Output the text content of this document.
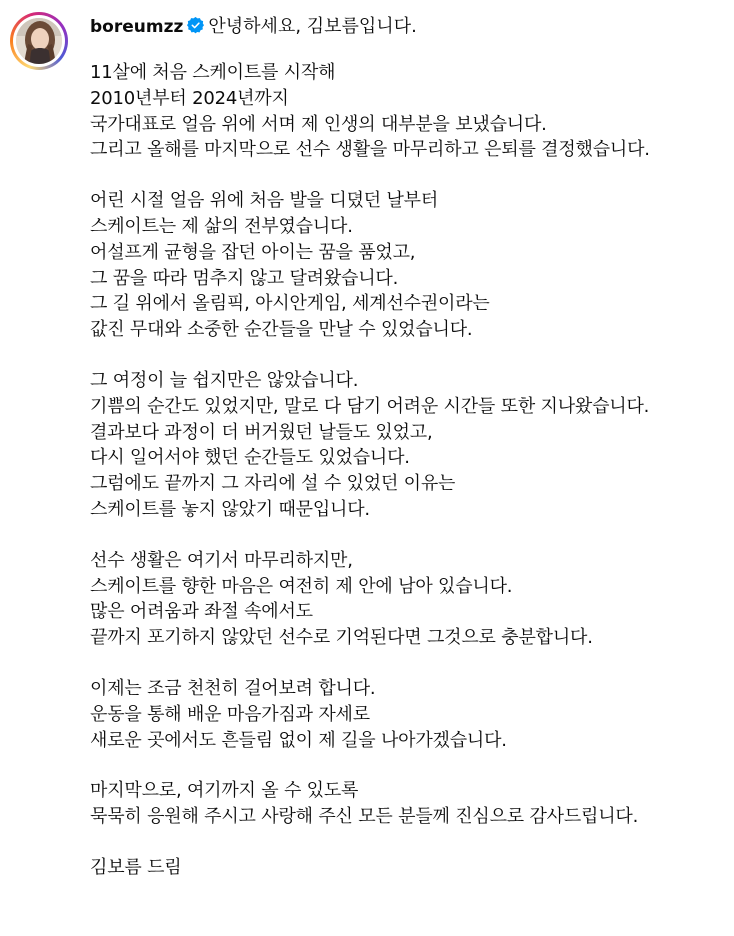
boreumzz 안녕하세요, 김보름입니다.
11살에 처음 스케이트를 시작해
2010년부터 2024년까지
국가대표로 얼음 위에 서며 제 인생의 대부분을 보냈습니다.
그리고 올해를 마지막으로 선수 생활을 마무리하고 은퇴를 결정했습니다.
어린 시절 얼음 위에 처음 발을 디뎠던 날부터
스케이트는 제 삶의 전부였습니다.
어설프게 균형을 잡던 아이는 꿈을 품었고,
그 꿈을 따라 멈추지 않고 달려왔습니다.
그 길 위에서 올림픽, 아시안게임, 세계선수권이라는
값진 무대와 소중한 순간들을 만날 수 있었습니다.
그 여정이 늘 쉽지만은 않았습니다.
기쁨의 순간도 있었지만, 말로 다 담기 어려운 시간들 또한 지나왔습니다.
결과보다 과정이 더 버거웠던 날들도 있었고,
다시 일어서야 했던 순간들도 있었습니다.
그럼에도 끝까지 그 자리에 설 수 있었던 이유는
스케이트를 놓지 않았기 때문입니다.
선수 생활은 여기서 마무리하지만,
스케이트를 향한 마음은 여전히 제 안에 남아 있습니다.
많은 어려움과 좌절 속에서도
끝까지 포기하지 않았던 선수로 기억된다면 그것으로 충분합니다.
이제는 조금 천천히 걸어보려 합니다.
운동을 통해 배운 마음가짐과 자세로
새로운 곳에서도 흔들림 없이 제 길을 나아가겠습니다.
마지막으로, 여기까지 올 수 있도록
묵묵히 응원해 주시고 사랑해 주신 모든 분들께 진심으로 감사드립니다.
김보름 드림
